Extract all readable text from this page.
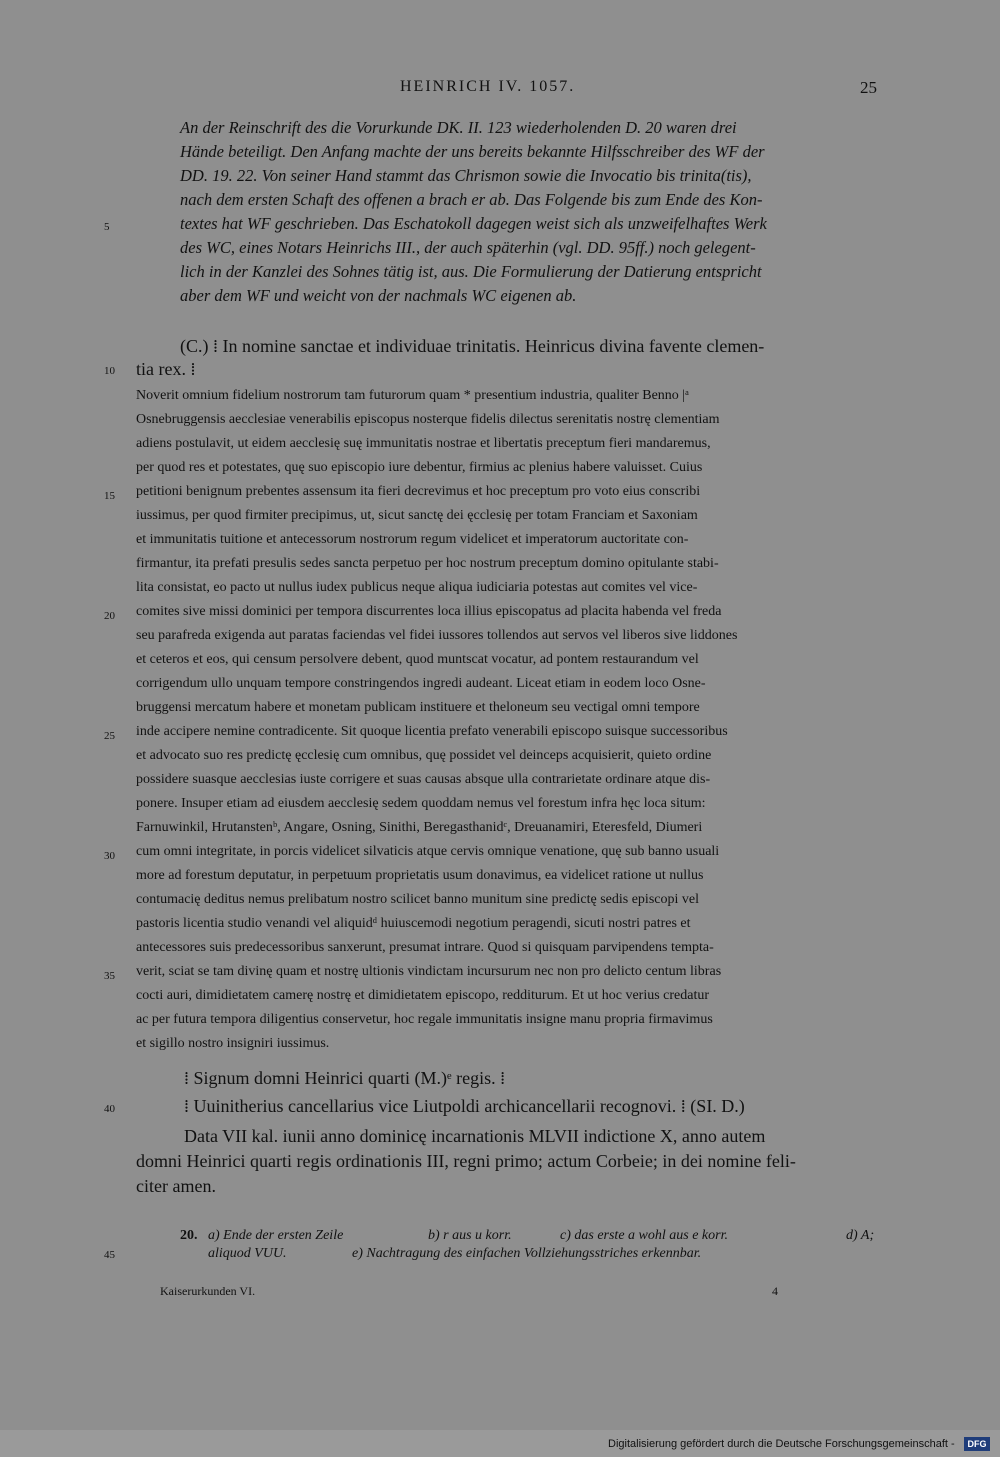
HEINRICH IV. 1057.	25
An der Reinschrift des die Vorurkunde DK. II. 123 wiederholenden D. 20 waren drei
Hände beteiligt. Den Anfang machte der uns bereits bekannte Hilfsschreiber des WF der
DD. 19. 22. Von seiner Hand stammt das Chrismon sowie die Invocatio bis trinita(tis),
nach dem ersten Schaft des offenen a brach er ab. Das Folgende bis zum Ende des Kon-
textes hat WF geschrieben. Das Eschatokoll dagegen weist sich als unzweifelhaftes Werk
des WC, eines Notars Heinrichs III., der auch späterhin (vgl. DD. 95ff.) noch gelegent-
lich in der Kanzlei des Sohnes tätig ist, aus. Die Formulierung der Datierung entspricht
aber dem WF und weicht von der nachmals WC eigenen ab.
(C.) ⁞ In nomine sanctae et individuae trinitatis. Heinricus divina favente clemen-
tia rex. ⁞
Noverit omnium fidelium nostrorum tam futurorum quam * presentium industria, qualiter Benno |ᵃ
Osnebruggensis aecclesiae venerabilis episcopus nosterque fidelis dilectus serenitatis nostrę clementiam
adiens postulavit, ut eidem aecclesię suę immunitatis nostrae et libertatis preceptum fieri mandaremus,
per quod res et potestates, quę suo episcopio iure debentur, firmius ac plenius habere valuisset. Cuius
petitioni benignum prebentes assensum ita fieri decrevimus et hoc preceptum pro voto eius conscribi
iussimus, per quod firmiter precipimus, ut, sicut sanctę dei ęcclesię per totam Franciam et Saxoniam
et immunitatis tuitione et antecessorum nostrorum regum videlicet et imperatorum auctoritate con-
firmantur, ita prefati presulis sedes sancta perpetuo per hoc nostrum preceptum domino opitulante stabi-
lita consistat, eo pacto ut nullus iudex publicus neque aliqua iudiciaria potestas aut comites vel vice-
comites sive missi dominici per tempora discurrentes loca illius episcopatus ad placita habenda vel freda
seu parafreda exigenda aut paratas faciendas vel fidei iussores tollendos aut servos vel liberos sive liddones
et ceteros et eos, qui censum persolvere debent, quod muntscat vocatur, ad pontem restaurandum vel
corrigendum ullo unquam tempore constringendos ingredi audeant. Liceat etiam in eodem loco Osne-
bruggensi mercatum habere et monetam publicam instituere et theloneum seu vectigal omni tempore
inde accipere nemine contradicente. Sit quoque licentia prefato venerabili episcopo suisque successoribus
et advocato suo res predictę ęcclesię cum omnibus, quę possidet vel deinceps acquisierit, quieto ordine
possidere suasque aecclesias iuste corrigere et suas causas absque ulla contrarietate ordinare atque dis-
ponere. Insuper etiam ad eiusdem aecclesię sedem quoddam nemus vel forestum infra hęc loca situm:
Farnuwinkil, Hrutanstenᵇ, Angare, Osning, Sinithi, Beregasthanidᶜ, Dreuanamiri, Eteresfeld, Diumeri
cum omni integritate, in porcis videlicet silvaticis atque cervis omnique venatione, quę sub banno usuali
more ad forestum deputatur, in perpetuum proprietatis usum donavimus, ea videlicet ratione ut nullus
contumacię deditus nemus prelibatum nostro scilicet banno munitum sine predictę sedis episcopi vel
pastoris licentia studio venandi vel aliquidᵈ huiuscemodi negotium peragendi, sicuti nostri patres et
antecessores suis predecessoribus sanxerunt, presumat intrare. Quod si quisquam parvipendens tempta-
verit, sciat se tam divinę quam et nostrę ultionis vindictam incursurum nec non pro delicto centum libras
cocti auri, dimidietatem camerę nostrę et dimidietatem episcopo, redditurum. Et ut hoc verius credatur
ac per futura tempora diligentius conservetur, hoc regale immunitatis insigne manu propria firmavimus
et sigillo nostro insigniri iussimus.
⁞ Signum domni Heinrici quarti (M.)ᵉ regis. ⁞
⁞ Uuinitherius cancellarius vice Liutpoldi archicancellarii recognovi. ⁞ (SI. D.)
Data VII kal. iunii anno dominicę incarnationis MLVII indictione X, anno autem
domni Heinrici quarti regis ordinationis III, regni primo; actum Corbeie; in dei nomine feli-
citer amen.
20. a) Ende der ersten Zeile	b) r aus u korr.	c) das erste a wohl aus e korr.	d) A;
aliquod VUU.	e) Nachtragung des einfachen Vollziehungsstriches erkennbar.
5
10
15
20
25
30
35
40
45
Kaiserurkunden VI.	4
Digitalisierung gefördert durch die Deutsche Forschungsgemeinschaft -	DFG
